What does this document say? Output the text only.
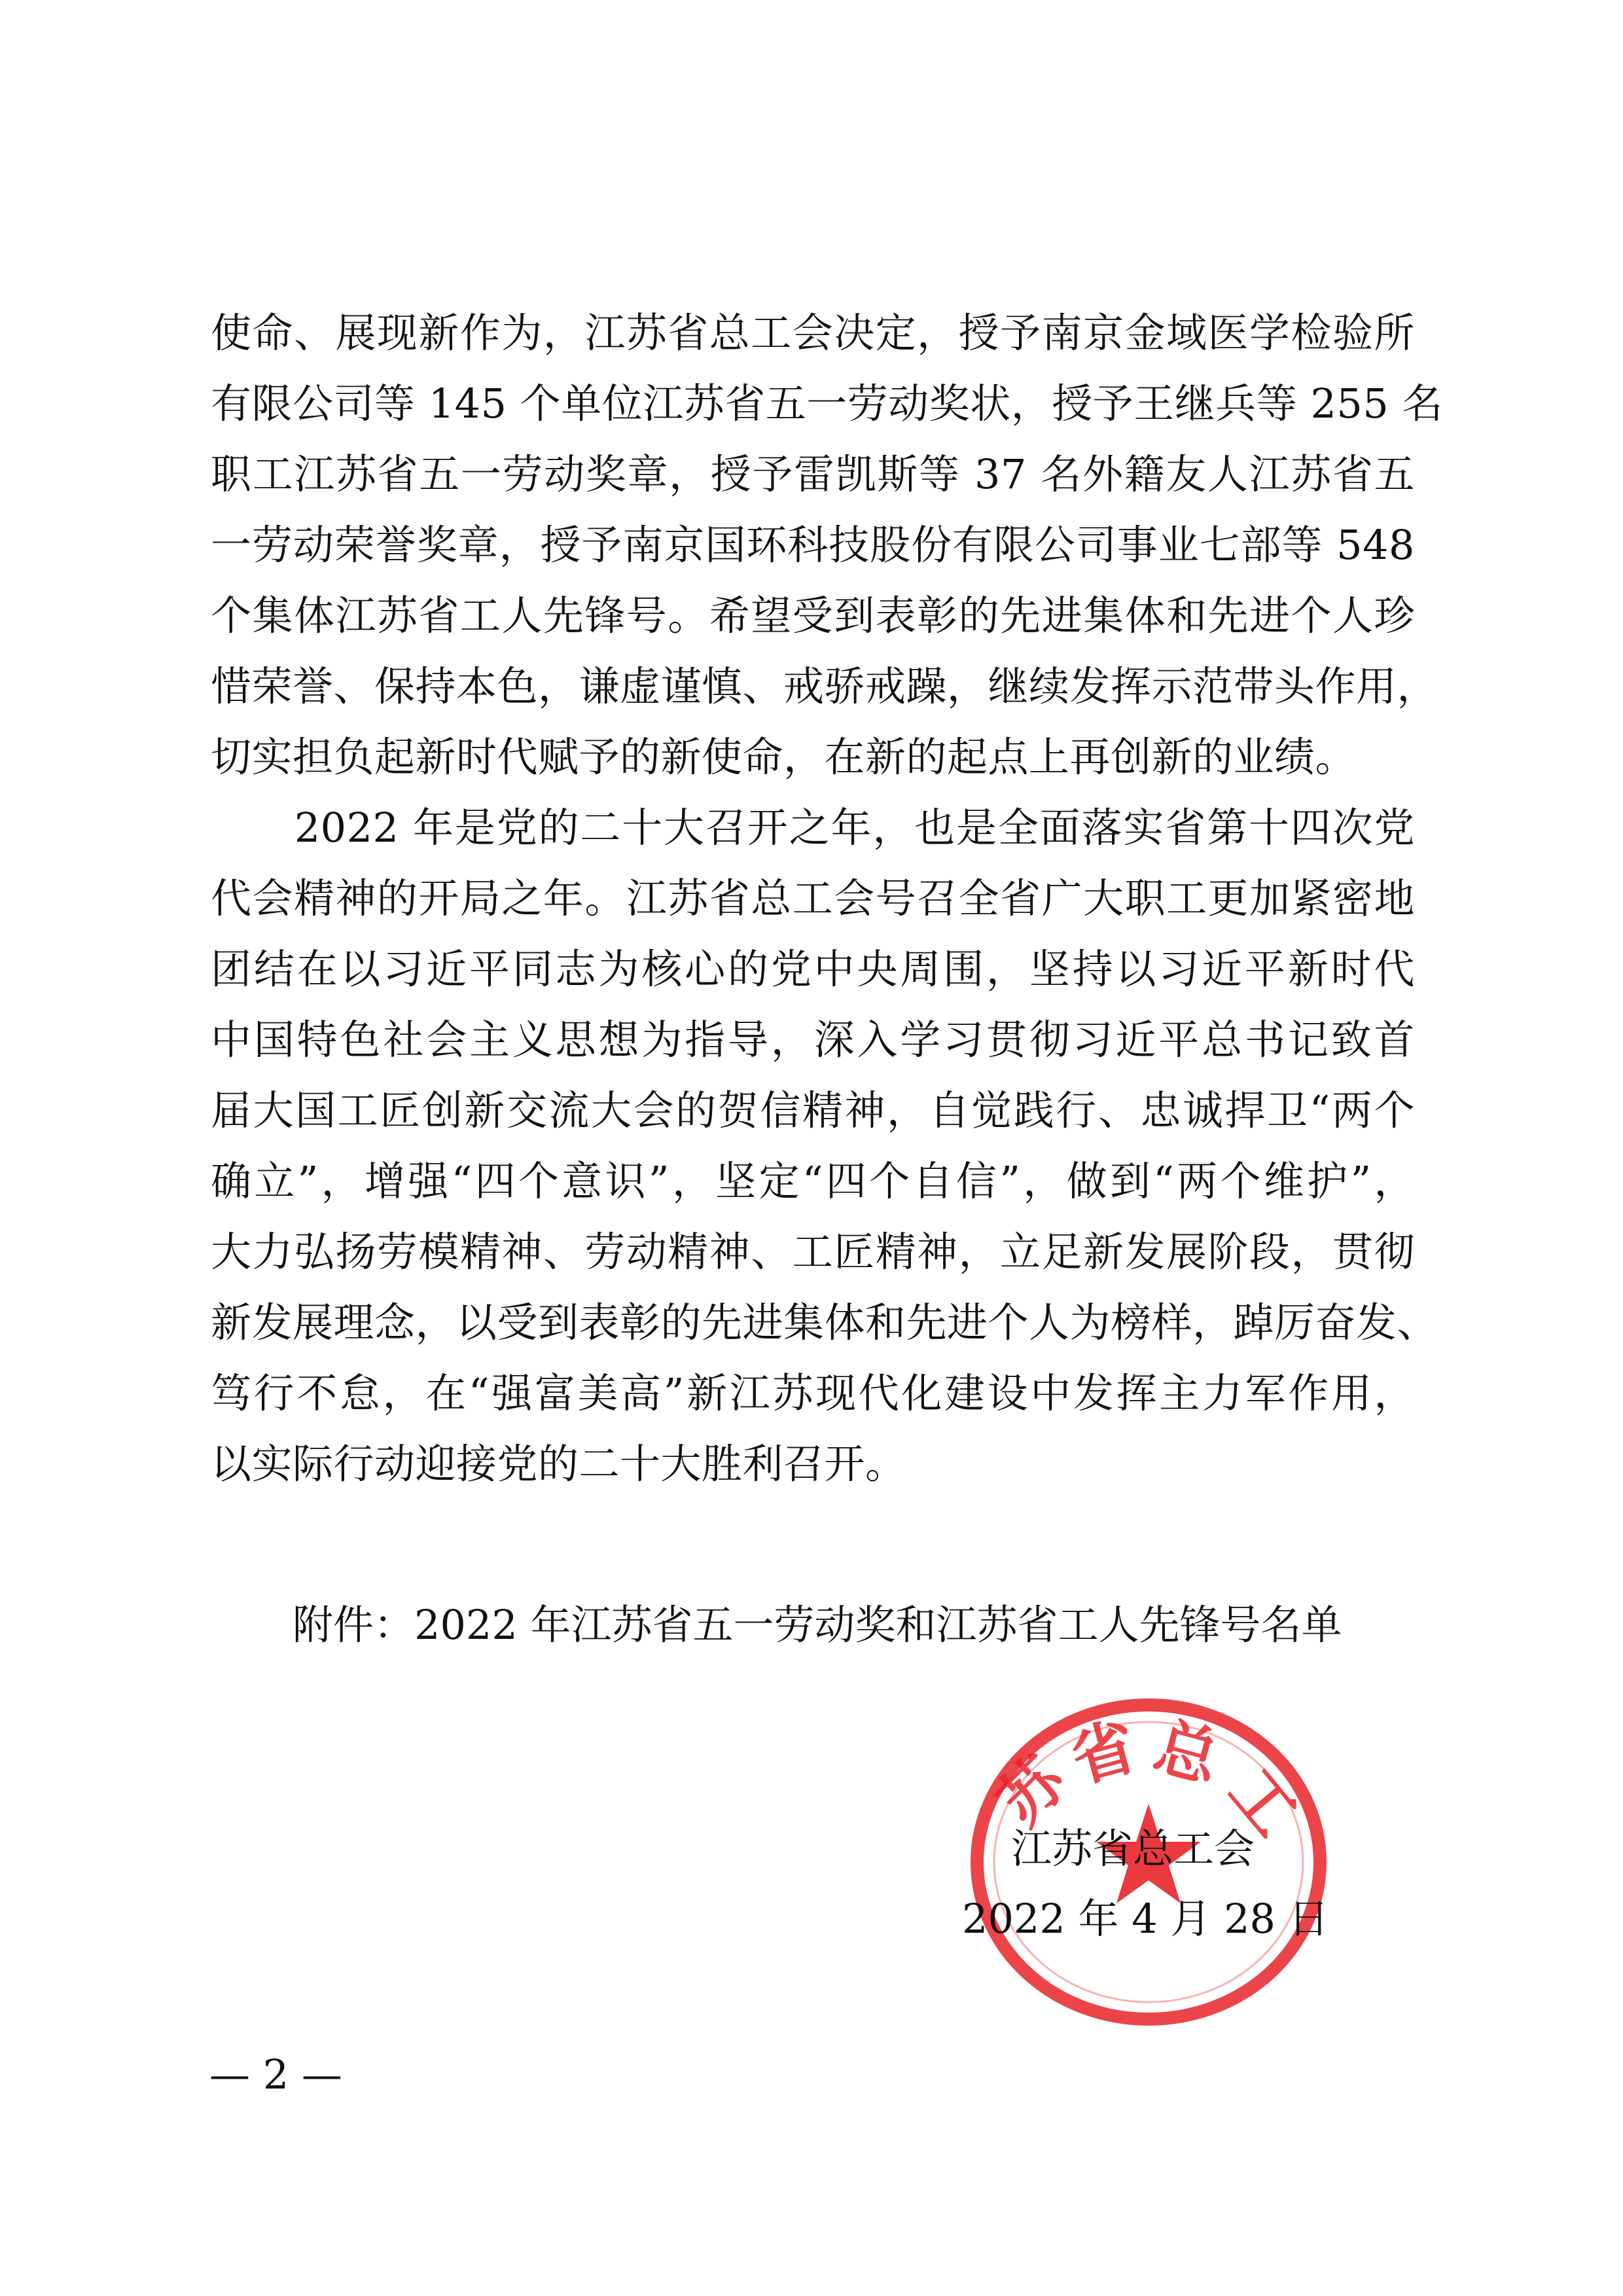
使命、展现新作为，江苏省总工会决定，授予南京金域医学检验所
有限公司等 145 个单位江苏省五一劳动奖状，授予王继兵等 255 名
职工江苏省五一劳动奖章，授予雷凯斯等 37 名外籍友人江苏省五
一劳动荣誉奖章，授予南京国环科技股份有限公司事业七部等 548
个集体江苏省工人先锋号。希望受到表彰的先进集体和先进个人珍
惜荣誉、保持本色，谦虚谨慎、戒骄戒躁，继续发挥示范带头作用，
切实担负起新时代赋予的新使命，在新的起点上再创新的业绩。
　　2022 年是党的二十大召开之年，也是全面落实省第十四次党
代会精神的开局之年。江苏省总工会号召全省广大职工更加紧密地
团结在以习近平同志为核心的党中央周围，坚持以习近平新时代
中国特色社会主义思想为指导，深入学习贯彻习近平总书记致首
届大国工匠创新交流大会的贺信精神，自觉践行、忠诚捍卫“两个
确立”，增强“四个意识”，坚定“四个自信”，做到“两个维护”，
大力弘扬劳模精神、劳动精神、工匠精神，立足新发展阶段，贯彻
新发展理念，以受到表彰的先进集体和先进个人为榜样，踔厉奋发、
笃行不怠，在“强富美高”新江苏现代化建设中发挥主力军作用，
以实际行动迎接党的二十大胜利召开。
附件：2022 年江苏省五一劳动奖和江苏省工人先锋号名单
苏
省 总
工
江苏省总工会
2022 年 4 月 28 日
— 2 —
